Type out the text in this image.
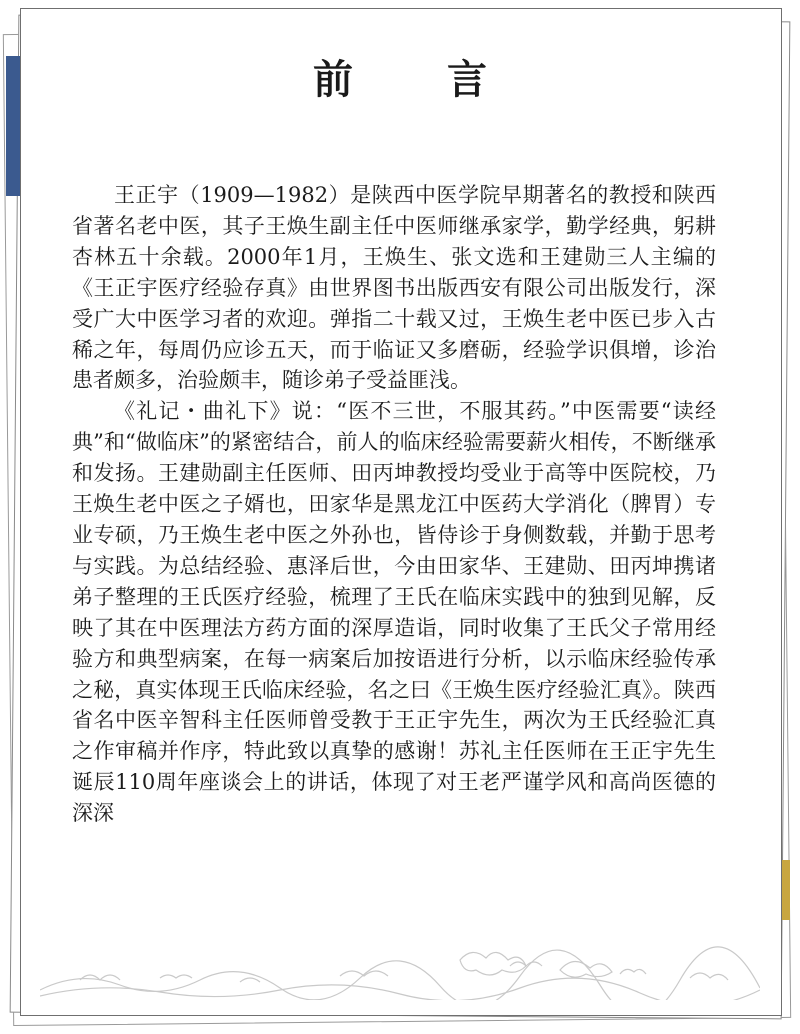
前 言

王正宇（1909—1982）是陕西中医学院早期著名的教授和陕西省著名老中医，其子王焕生副主任中医师继承家学，勤学经典，躬耕杏林五十余载。2000年1月，王焕生、张文选和王建勋三人主编的《王正宇医疗经验存真》由世界图书出版西安有限公司出版发行，深受广大中医学习者的欢迎。弹指二十载又过，王焕生老中医已步入古稀之年，每周仍应诊五天，而于临证又多磨砺，经验学识俱增，诊治患者颇多，治验颇丰，随诊弟子受益匪浅。

《礼记・曲礼下》说：“医不三世，不服其药。”中医需要“读经典”和“做临床”的紧密结合，前人的临床经验需要薪火相传，不断继承和发扬。王建勋副主任医师、田丙坤教授均受业于高等中医院校，乃王焕生老中医之子婿也，田家华是黑龙江中医药大学消化（脾胃）专业专硕，乃王焕生老中医之外孙也，皆侍诊于身侧数载，并勤于思考与实践。为总结经验、惠泽后世，今由田家华、王建勋、田丙坤携诸弟子整理的王氏医疗经验，梳理了王氏在临床实践中的独到见解，反映了其在中医理法方药方面的深厚造诣，同时收集了王氏父子常用经验方和典型病案，在每一病案后加按语进行分析，以示临床经验传承之秘，真实体现王氏临床经验，名之曰《王焕生医疗经验汇真》。陕西省名中医辛智科主任医师曾受教于王正宇先生，两次为王氏经验汇真之作审稿并作序，特此致以真挚的感谢！苏礼主任医师在王正宇先生诞辰110周年座谈会上的讲话，体现了对王老严谨学风和高尚医德的深深
